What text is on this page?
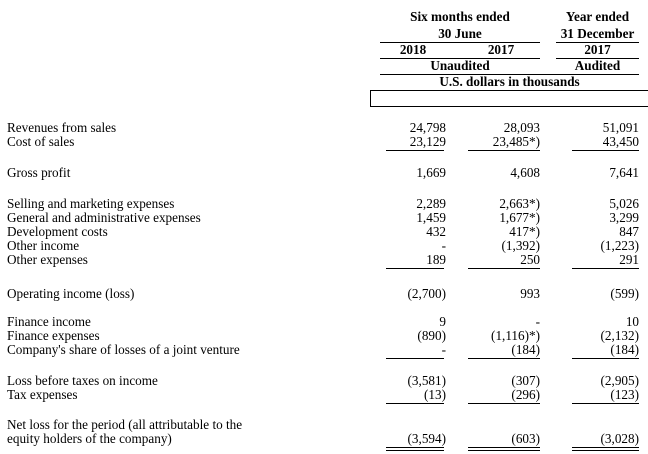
Six months ended
30 June
Year ended
31 December
2018	2017	2017
Unaudited	Audited
U.S. dollars in thousands
Revenues from sales	24,798	28,093	51,091
Cost of sales	23,129	23,485*)	43,450
Gross profit	1,669	4,608	7,641
Selling and marketing expenses	2,289	2,663*)	5,026
General and administrative expenses	1,459	1,677*)	3,299
Development costs	432	417*)	847
Other income	-	(1,392)	(1,223)
Other expenses	189	250	291
Operating income (loss)	(2,700)	993	(599)
Finance income	9	-	10
Finance expenses	(890)	(1,116)*)	(2,132)
Company's share of losses of a joint venture	-	(184)	(184)
Loss before taxes on income	(3,581)	(307)	(2,905)
Tax expenses	(13)	(296)	(123)
Net loss for the period (all attributable to the
equity holders of the company)	(3,594)	(603)	(3,028)
